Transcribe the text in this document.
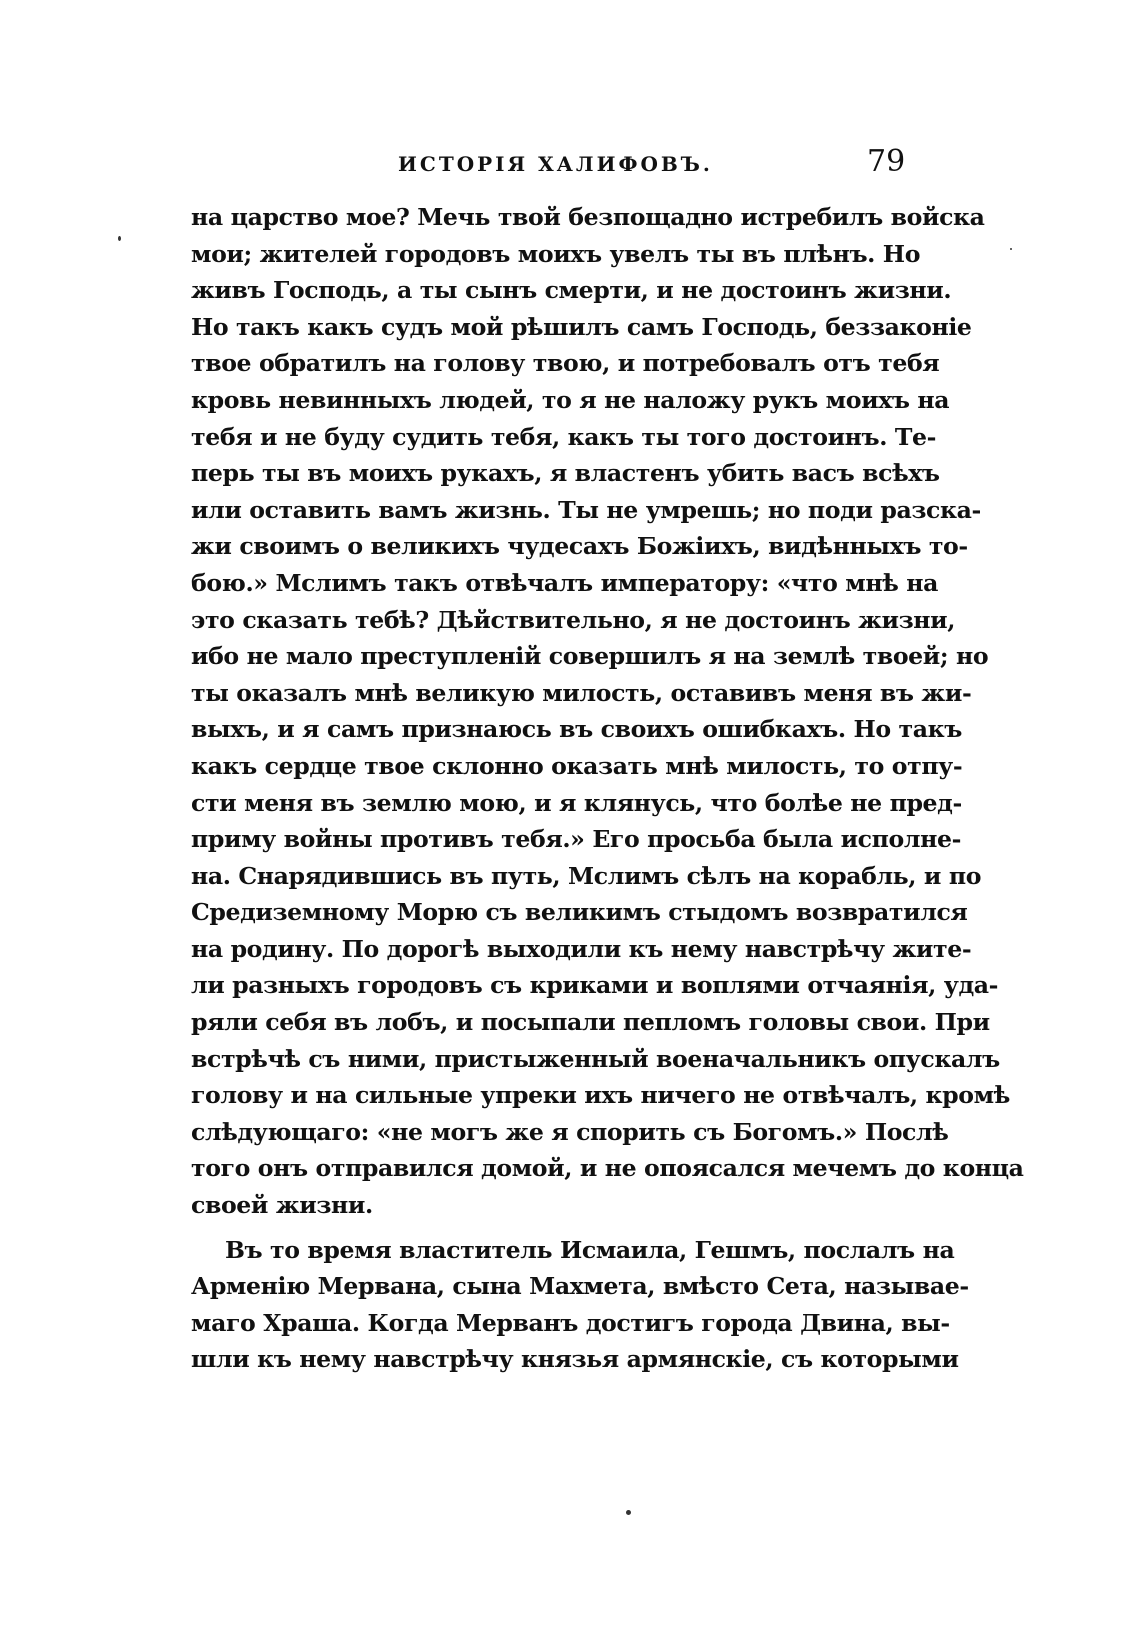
ИСТОРІЯ ХАЛИФОВЪ.	79
на царство мое? Мечь твой безпощадно истребилъ войска
мои; жителей городовъ моихъ увелъ ты въ плѣнъ. Но
живъ Господь, а ты сынъ смерти, и не достоинъ жизни.
Но такъ какъ судъ мой рѣшилъ самъ Господь, беззаконіе
твое обратилъ на голову твою, и потребовалъ отъ тебя
кровь невинныхъ людей, то я не наложу рукъ моихъ на
тебя и не буду судить тебя, какъ ты того достоинъ. Те-
перь ты въ моихъ рукахъ, я властенъ убить васъ всѣхъ
или оставить вамъ жизнь. Ты не умрешь; но поди разска-
жи своимъ о великихъ чудесахъ Божіихъ, видѣнныхъ то-
бою.» Мслимъ такъ отвѣчалъ императору: «что мнѣ на
это сказать тебѣ? Дѣйствительно, я не достоинъ жизни,
ибо не мало преступленій совершилъ я на землѣ твоей; но
ты оказалъ мнѣ великую милость, оставивъ меня въ жи-
выхъ, и я самъ признаюсь въ своихъ ошибкахъ. Но такъ
какъ сердце твое склонно оказать мнѣ милость, то отпу-
сти меня въ землю мою, и я клянусь, что болѣе не пред-
приму войны противъ тебя.» Его просьба была исполне-
на. Снарядившись въ путь, Мслимъ сѣлъ на корабль, и по
Средиземному Морю съ великимъ стыдомъ возвратился
на родину. По дорогѣ выходили къ нему навстрѣчу жите-
ли разныхъ городовъ съ криками и воплями отчаянія, уда-
ряли себя въ лобъ, и посыпали пепломъ головы свои. При
встрѣчѣ съ ними, пристыженный военачальникъ опускалъ
голову и на сильные упреки ихъ ничего не отвѣчалъ, кромѣ
слѣдующаго: «не могъ же я спорить съ Богомъ.» Послѣ
того онъ отправился домой, и не опоясался мечемъ до конца
своей жизни.
Въ то время властитель Исмаила, Гешмъ, послалъ на
Арменію Мервана, сына Махмета, вмѣсто Сета, называе-
маго Храша. Когда Мерванъ достигъ города Двина, вы-
шли къ нему навстрѣчу князья армянскіе, съ которыми
